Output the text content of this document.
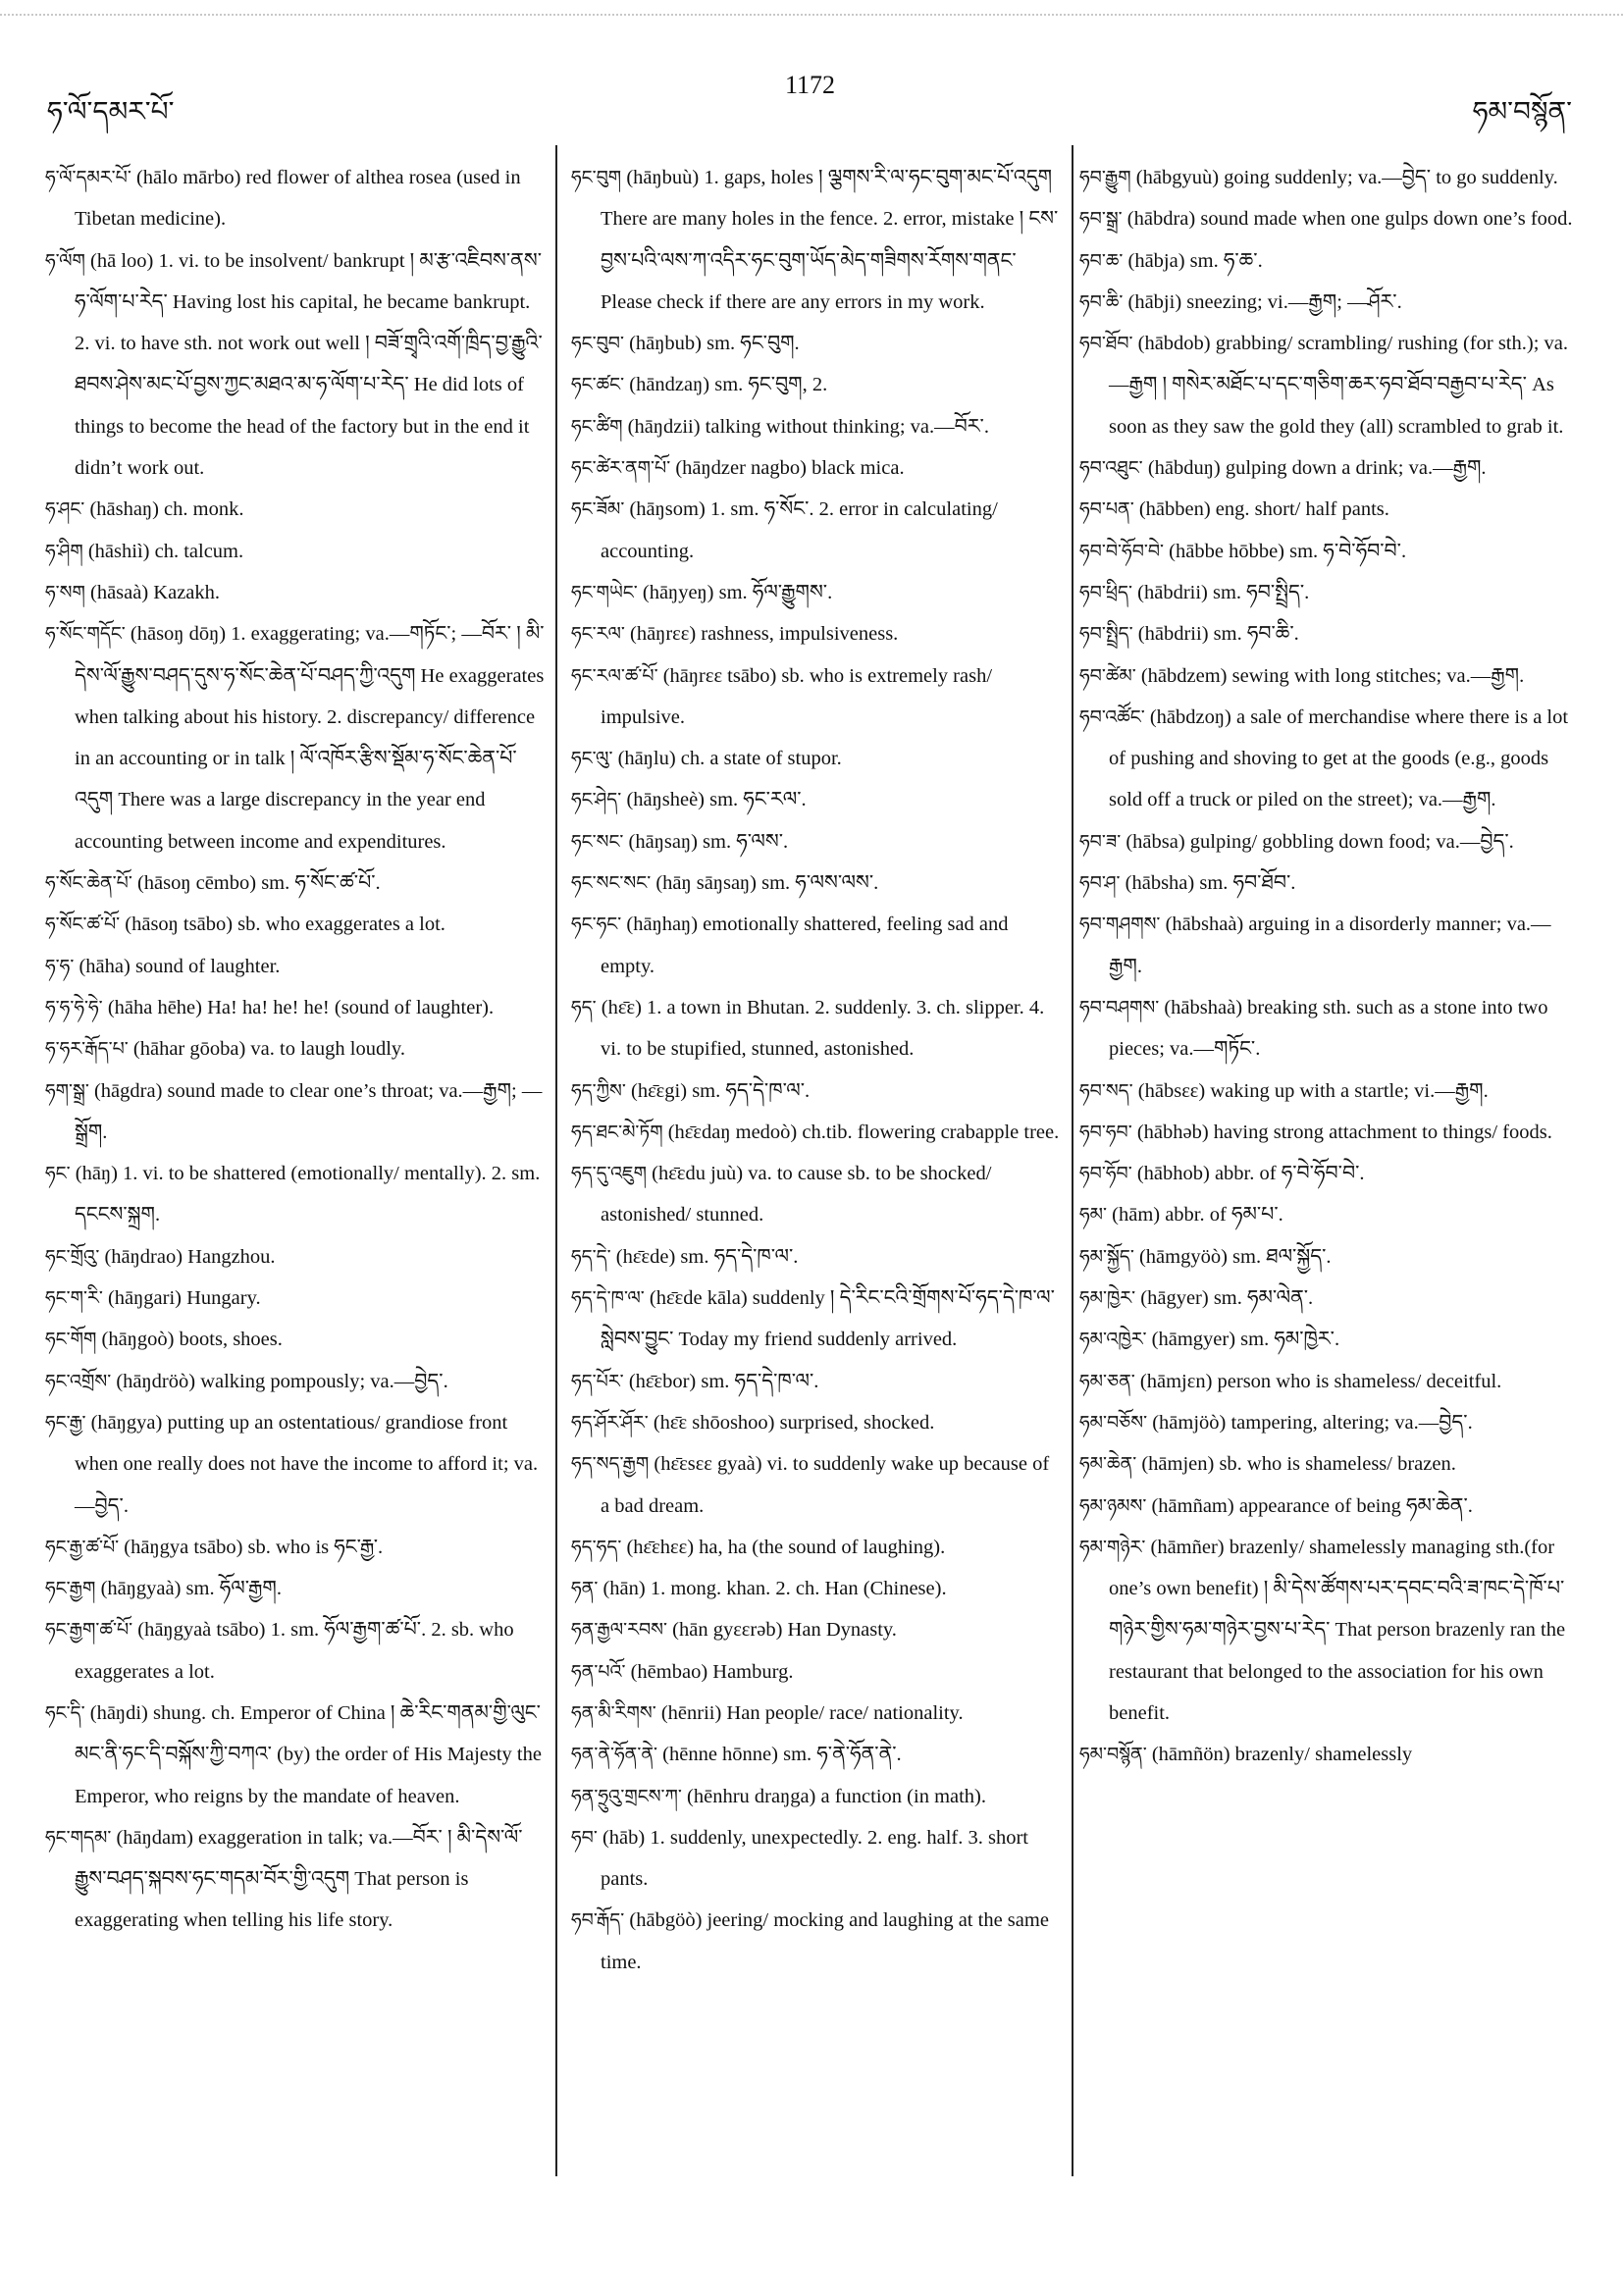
ཧ་ལོ་དམར་པོ་
1172
ཧམ་བསྙོན་

ཧ་ལོ་དམར་པོ་ (hālo mārbo) red flower of althea rosea (used in Tibetan medicine).

ཧ་ལོག (hā loo) 1. vi. to be insolvent/ bankrupt ། མ་རྩ་འཇིབས་ནས་ཧ་ལོག་པ་རེད་ Having lost his capital, he became bankrupt. 2. vi. to have sth. not work out well ། བཟོ་གྲྭའི་འགོ་ཁྲིད་བྱ་རྒྱུའི་ཐབས་ཤེས་མང་པོ་བྱས་ཀྱང་མཐའ་མ་ཧ་ལོག་པ་རེད་ He did lots of things to become the head of the factory but in the end it didn’t work out.

ཧ་ཤང་ (hāshaŋ) ch. monk.

ཧ་ཤིག (hāshiì) ch. talcum.

ཧ་སག (hāsaà) Kazakh.

ཧ་སོང་གདོང་ (hāsoŋ dōŋ) 1. exaggerating; va.—གཏོང་; —བོར་ ། མི་དེས་ལོ་རྒྱུས་བཤད་དུས་ཧ་སོང་ཆེན་པོ་བཤད་ཀྱི་འདུག He exaggerates when talking about his history. 2. discrepancy/ difference in an accounting or in talk ། ལོ་འཁོར་རྩིས་སྡོམ་ཧ་སོང་ཆེན་པོ་འདུག There was a large discrepancy in the year end accounting between income and expenditures.

ཧ་སོང་ཆེན་པོ་ (hāsoŋ cēmbo) sm. ཧ་སོང་ཚ་པོ་.

ཧ་སོང་ཚ་པོ་ (hāsoŋ tsābo) sb. who exaggerates a lot.

ཧ་ཧ་ (hāha) sound of laughter.

ཧ་ཧ་ཧེ་ཧེ་ (hāha hēhe) Ha! ha! he! he! (sound of laughter).

ཧ་ཧར་རྒོད་པ་ (hāhar gōoba) va. to laugh loudly.

ཧག་སྒྲ་ (hāgdra) sound made to clear one’s throat; va.—རྒྱག; —སྒྲོག.

ཧང་ (hāŋ) 1. vi. to be shattered (emotionally/ mentally). 2. sm. དངངས་སྐྲག.

ཧང་གྲོའུ་ (hāŋdrao) Hangzhou.

ཧང་ག་རི་ (hāŋgari) Hungary.

ཧང་གོག (hāŋgoò) boots, shoes.

ཧང་འགྲོས་ (hāŋdröò) walking pompously; va.—བྱེད་.

ཧང་རྒྱ་ (hāŋgya) putting up an ostentatious/ grandiose front when one really does not have the income to afford it; va.—བྱེད་.

ཧང་རྒྱ་ཚ་པོ་ (hāŋgya tsābo) sb. who is ཧང་རྒྱ་.

ཧང་རྒྱག (hāŋgyaà) sm. ཧོལ་རྒྱག.

ཧང་རྒྱག་ཚ་པོ་ (hāŋgyaà tsābo) 1. sm. ཧོལ་རྒྱག་ཚ་པོ་. 2. sb. who exaggerates a lot.

ཧང་དི་ (hāŋdi) shung. ch. Emperor of China ། ཆེ་རིང་གནམ་གྱི་ལུང་མང་ནི་ཧང་དི་བསྐོས་ཀྱི་བཀའ་ (by) the order of His Majesty the Emperor, who reigns by the mandate of heaven.

ཧང་གདམ་ (hāŋdam) exaggeration in talk; va.—བོར་ ། མི་དེས་ལོ་རྒྱུས་བཤད་སྐབས་ཧང་གདམ་བོར་གྱི་འདུག That person is exaggerating when telling his life story.

ཧང་བུག (hāŋbuù) 1. gaps, holes ། ལྕགས་རི་ལ་ཧང་བུག་མང་པོ་འདུག There are many holes in the fence. 2. error, mistake ། ངས་བྱས་པའི་ལས་ཀ་འདིར་ཧང་བུག་ཡོད་མེད་གཟིགས་རོགས་གནང་ Please check if there are any errors in my work.

ཧང་བུབ་ (hāŋbub) sm. ཧང་བུག.

ཧང་ཚང་ (hāndzaŋ) sm. ཧང་བུག, 2.

ཧང་ཚིག (hāŋdzii) talking without thinking; va.—བོར་.

ཧང་ཚེར་ནག་པོ་ (hāŋdzer nagbo) black mica.

ཧང་ཟོམ་ (hāŋsom) 1. sm. ཧ་སོང་. 2. error in calculating/ accounting.

ཧང་གཡེང་ (hāŋyeŋ) sm. ཧོལ་རྒྱུགས་.

ཧང་རལ་ (hāŋrɛɛ) rashness, impulsiveness.

ཧང་རལ་ཚ་པོ་ (hāŋrɛɛ tsābo) sb. who is extremely rash/ impulsive.

ཧང་ལུ་ (hāŋlu) ch. a state of stupor.

ཧང་ཤེད་ (hāŋsheè) sm. ཧང་རལ་.

ཧང་སང་ (hāŋsaŋ) sm. ཧ་ལས་.

ཧང་སང་སང་ (hāŋ sāŋsaŋ) sm. ཧ་ལས་ལས་.

ཧང་ཧང་ (hāŋhaŋ) emotionally shattered, feeling sad and empty.

ཧད་ (hɛ̄ɛ) 1. a town in Bhutan. 2. suddenly. 3. ch. slipper. 4. vi. to be stupified, stunned, astonished.

ཧད་ཀྱིས་ (hɛ̄ɛgi) sm. ཧད་དེ་ཁ་ལ་.

ཧད་ཐང་མེ་ཏོག (hɛ̄ɛdaŋ medoò) ch.tib. flowering crabapple tree.

ཧད་དུ་འཇུག (hɛ̄ɛdu juù) va. to cause sb. to be shocked/ astonished/ stunned.

ཧད་དེ་ (hɛ̄ɛde) sm. ཧད་དེ་ཁ་ལ་.

ཧད་དེ་ཁ་ལ་ (hɛ̄ɛde kāla) suddenly ། དེ་རིང་ངའི་གྲོགས་པོ་ཧད་དེ་ཁ་ལ་སླེབས་བྱུང་ Today my friend suddenly arrived.

ཧད་པོར་ (hɛ̄ɛbor) sm. ཧད་དེ་ཁ་ལ་.

ཧད་ཤོར་ཤོར་ (hɛ̄ɛ shōoshoo) surprised, shocked.

ཧད་སད་རྒྱག (hɛ̄ɛsɛɛ gyaà) vi. to suddenly wake up because of a bad dream.

ཧད་ཧད་ (hɛ̄ɛhɛɛ) ha, ha (the sound of laughing).

ཧན་ (hān) 1. mong. khan. 2. ch. Han (Chinese).

ཧན་རྒྱལ་རབས་ (hān gyɛɛrəb) Han Dynasty.

ཧན་པའོ་ (hēmbao) Hamburg.

ཧན་མི་རིགས་ (hēnrii) Han people/ race/ nationality.

ཧན་ནེ་ཧོན་ནེ་ (hēnne hōnne) sm. ཧ་ནེ་ཧོན་ནེ་.

ཧན་ཧྲུའུ་གྲངས་ཀ་ (hēnhru draŋga) a function (in math).

ཧབ་ (hāb) 1. suddenly, unexpectedly. 2. eng. half. 3. short pants.

ཧབ་རྒོད་ (hābgöò) jeering/ mocking and laughing at the same time.

ཧབ་རྒྱུག (hābgyuù) going suddenly; va.—བྱེད་ to go suddenly.

ཧབ་སྒྲ་ (hābdra) sound made when one gulps down one’s food.

ཧབ་ཆ་ (hābja) sm. ཧ་ཆ་.

ཧབ་ཆི་ (hābji) sneezing; vi.—རྒྱག; —ཤོར་.

ཧབ་ཐོབ་ (hābdob) grabbing/ scrambling/ rushing (for sth.); va.—རྒྱག ། གསེར་མཐོང་པ་དང་གཅིག་ཆར་ཧབ་ཐོབ་བརྒྱབ་པ་རེད་ As soon as they saw the gold they (all) scrambled to grab it.

ཧབ་འཐུང་ (hābduŋ) gulping down a drink; va.—རྒྱག.

ཧབ་པན་ (hābben) eng. short/ half pants.

ཧབ་བེ་ཧོབ་བེ་ (hābbe hōbbe) sm. ཧ་བེ་ཧོབ་བེ་.

ཧབ་ཕྲིད་ (hābdrii) sm. ཧབ་སྤྲིད་.

ཧབ་སྤྲིད་ (hābdrii) sm. ཧབ་ཆི་.

ཧབ་ཚེམ་ (hābdzem) sewing with long stitches; va.—རྒྱག.

ཧབ་འཚོང་ (hābdzoŋ) a sale of merchandise where there is a lot of pushing and shoving to get at the goods (e.g., goods sold off a truck or piled on the street); va.—རྒྱག.

ཧབ་ཟ་ (hābsa) gulping/ gobbling down food; va.—བྱེད་.

ཧབ་ཤ་ (hābsha) sm. ཧབ་ཐོབ་.

ཧབ་གཤགས་ (hābshaà) arguing in a disorderly manner; va.—རྒྱག.

ཧབ་བཤགས་ (hābshaà) breaking sth. such as a stone into two pieces; va.—གཏོང་.

ཧབ་སད་ (hābsɛɛ) waking up with a startle; vi.—རྒྱག.

ཧབ་ཧབ་ (hābhəb) having strong attachment to things/ foods.

ཧབ་ཧོབ་ (hābhob) abbr. of ཧ་བེ་ཧོབ་བེ་.

ཧམ་ (hām) abbr. of ཧམ་པ་.

ཧམ་སྐྱོད་ (hāmgyöò) sm. ཐལ་སྐྱོད་.

ཧམ་ཁྱེར་ (hāgyer) sm. ཧམ་ལེན་.

ཧམ་འཁྱེར་ (hāmgyer) sm. ཧམ་ཁྱེར་.

ཧམ་ཅན་ (hāmjɛn) person who is shameless/ deceitful.

ཧམ་བཅོས་ (hāmjöò) tampering, altering; va.—བྱེད་.

ཧམ་ཆེན་ (hāmjen) sb. who is shameless/ brazen.

ཧམ་ཉམས་ (hāmñam) appearance of being ཧམ་ཆེན་.

ཧམ་གཉེར་ (hāmñer) brazenly/ shamelessly managing sth.(for one’s own benefit) ། མི་དེས་ཚོགས་པར་དབང་བའི་ཟ་ཁང་དེ་ཁོ་པ་གཉེར་གྱིས་ཧམ་གཉེར་བྱས་པ་རེད་ That person brazenly ran the restaurant that belonged to the association for his own benefit.

ཧམ་བསྙོན་ (hāmñön) brazenly/ shamelessly
